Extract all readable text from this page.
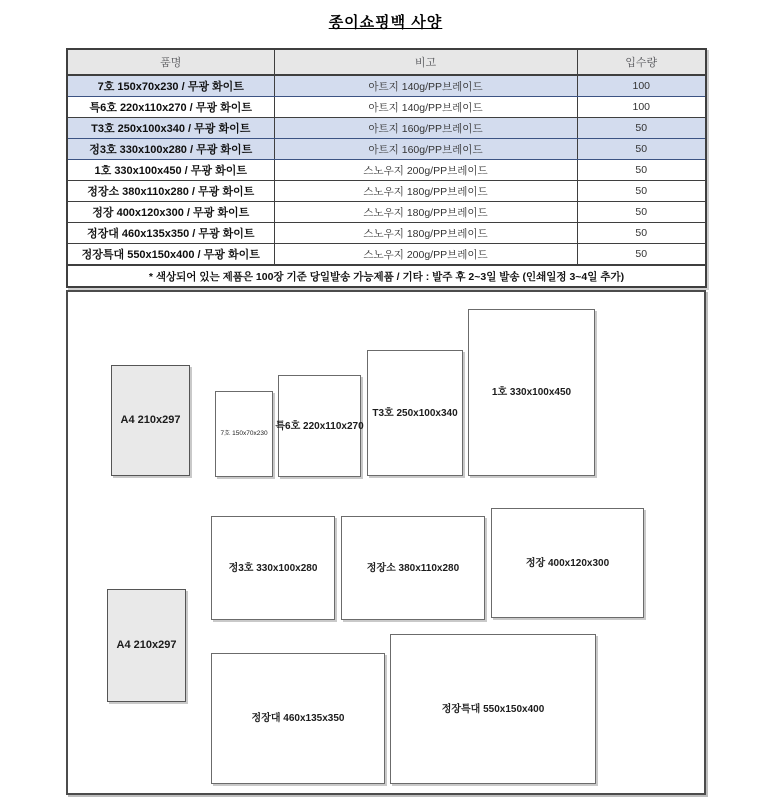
종이쇼핑백 사양
품명	비고	입수량
7호 150x70x230 / 무광 화이트	아트지 140g/PP브레이드	100
특6호 220x110x270 / 무광 화이트	아트지 140g/PP브레이드	100
T3호 250x100x340 / 무광 화이트	아트지 160g/PP브레이드	50
정3호 330x100x280 / 무광 화이트	아트지 160g/PP브레이드	50
1호 330x100x450 / 무광 화이트	스노우지 200g/PP브레이드	50
정장소 380x110x280 / 무광 화이트	스노우지 180g/PP브레이드	50
정장 400x120x300 / 무광 화이트	스노우지 180g/PP브레이드	50
정장대 460x135x350 / 무광 화이트	스노우지 180g/PP브레이드	50
정장특대 550x150x400 / 무광 화이트	스노우지 200g/PP브레이드	50
* 색상되어 있는 제품은 100장 기준 당일발송 가능제품 / 기타 : 발주 후 2~3일 발송 (인쇄일정 3~4일 추가)		
A4 210x297
7호 150x70x230
특6호 220x110x270
T3호 250x100x340
1호 330x100x450
정3호 330x100x280	정장소 380x110x280	정장 400x120x300
A4 210x297
정장대 460x135x350
정장특대 550x150x400
